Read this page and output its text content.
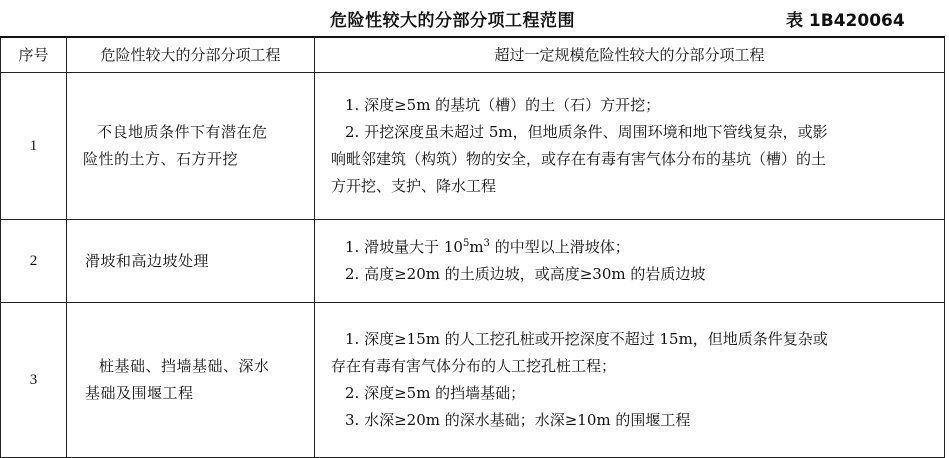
危险性较大的分部分项工程范围	表 1B420064
序号	危险性较大的分部分项工程	超过一定规模危险性较大的分部分项工程
1	不良地质条件下有潜在危
险性的土方、石方开挖	1. 深度≥5m 的基坑（槽）的土（石）方开挖；
2. 开挖深度虽未超过 5m，但地质条件、周围环境和地下管线复杂，或影
响毗邻建筑（构筑）物的安全，或存在有毒有害气体分布的基坑（槽）的土
方开挖、支护、降水工程

2	滑坡和高边坡处理	1. 滑坡量大于 $10^5m^3$ 的中型以上滑坡体；
2. 高度≥20m 的土质边坡，或高度≥30m 的岩质边坡

3	桩基础、挡墙基础、深水
基础及围堰工程	1. 深度≥15m 的人工挖孔桩或开挖深度不超过 15m，但地质条件复杂或
存在有毒有害气体分布的人工挖孔桩工程；
2. 深度≥5m 的挡墙基础；
3. 水深≥20m 的深水基础；水深≥10m 的围堰工程
